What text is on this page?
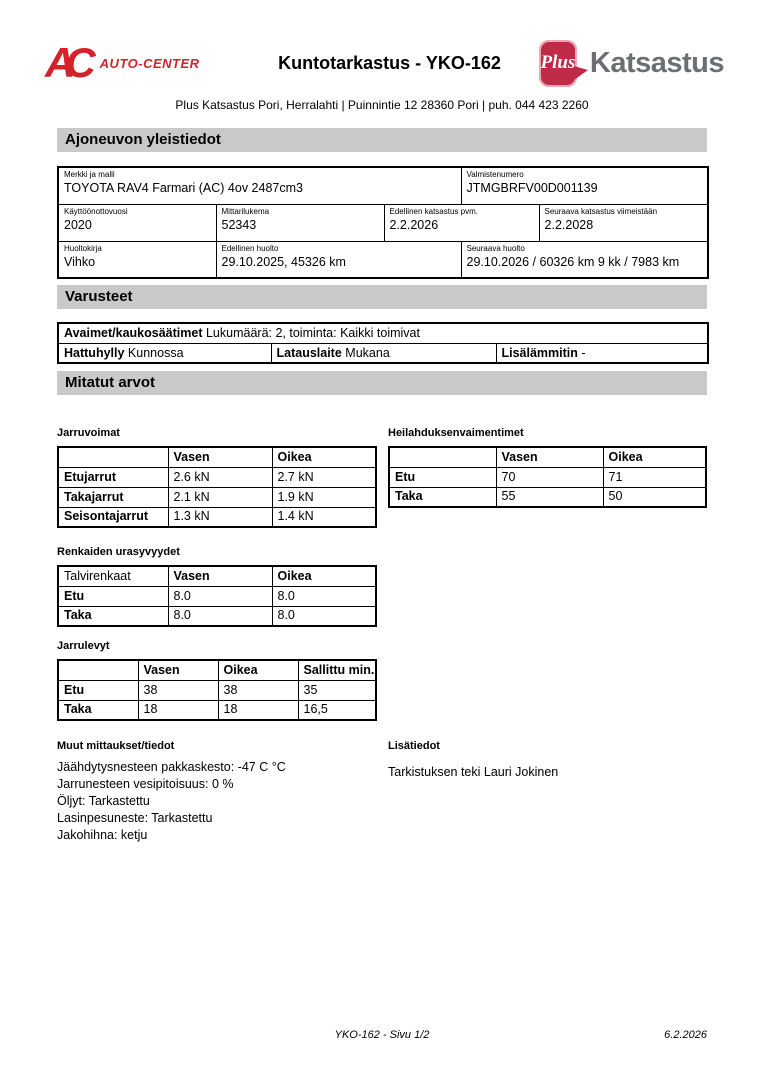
AC	AUTO-CENTER	Kuntotarkastus - YKO-162	Plus Katsastus
Plus Katsastus Pori, Herralahti | Puinnintie 12 28360 Pori | puh. 044 423 2260
Ajoneuvon yleistiedot
Merkki ja malli
TOYOTA RAV4 Farmari (AC) 4ov 2487cm3

Valmistenumero
JTMGBRFV00D001139

Käyttöönottovuosi
2020

Mittarilukema
52343

Edellinen katsastus pvm.
2.2.2026

Seuraava katsastus viimeistään
2.2.2028

Huoltokirja
Vihko

Edellinen huolto
29.10.2025, 45326 km

Seuraava huolto
29.10.2026 / 60326 km 9 kk / 7983 km
Varusteet
Avaimet/kaukosäätimet Lukumäärä: 2, toiminta: Kaikki toimivat
Hattuhylly Kunnossa	Latauslaite Mukana	Lisälämmitin -
Mitatut arvot
Jarruvoimat
	Vasen	Oikea
Etujarrut	2.6 kN	2.7 kN
Takajarrut	2.1 kN	1.9 kN
Seisontajarrut	1.3 kN	1.4 kN
Heilahduksenvaimentimet
	Vasen	Oikea
Etu	70	71
Taka	55	50
Renkaiden urasyvyydet
Talvirenkaat	Vasen	Oikea
Etu	8.0	8.0
Taka	8.0	8.0
Jarrulevyt
	Vasen	Oikea	Sallittu min.
Etu	38	38	35
Taka	18	18	16,5
Muut mittaukset/tiedot
Jäähdytysnesteen pakkaskesto: -47 C °C
Jarrunesteen vesipitoisuus: 0 %
Öljyt: Tarkastettu
Lasinpesuneste: Tarkastettu
Jakohihna: ketju
Lisätiedot
Tarkistuksen teki Lauri Jokinen
YKO-162 - Sivu 1/2	6.2.2026
